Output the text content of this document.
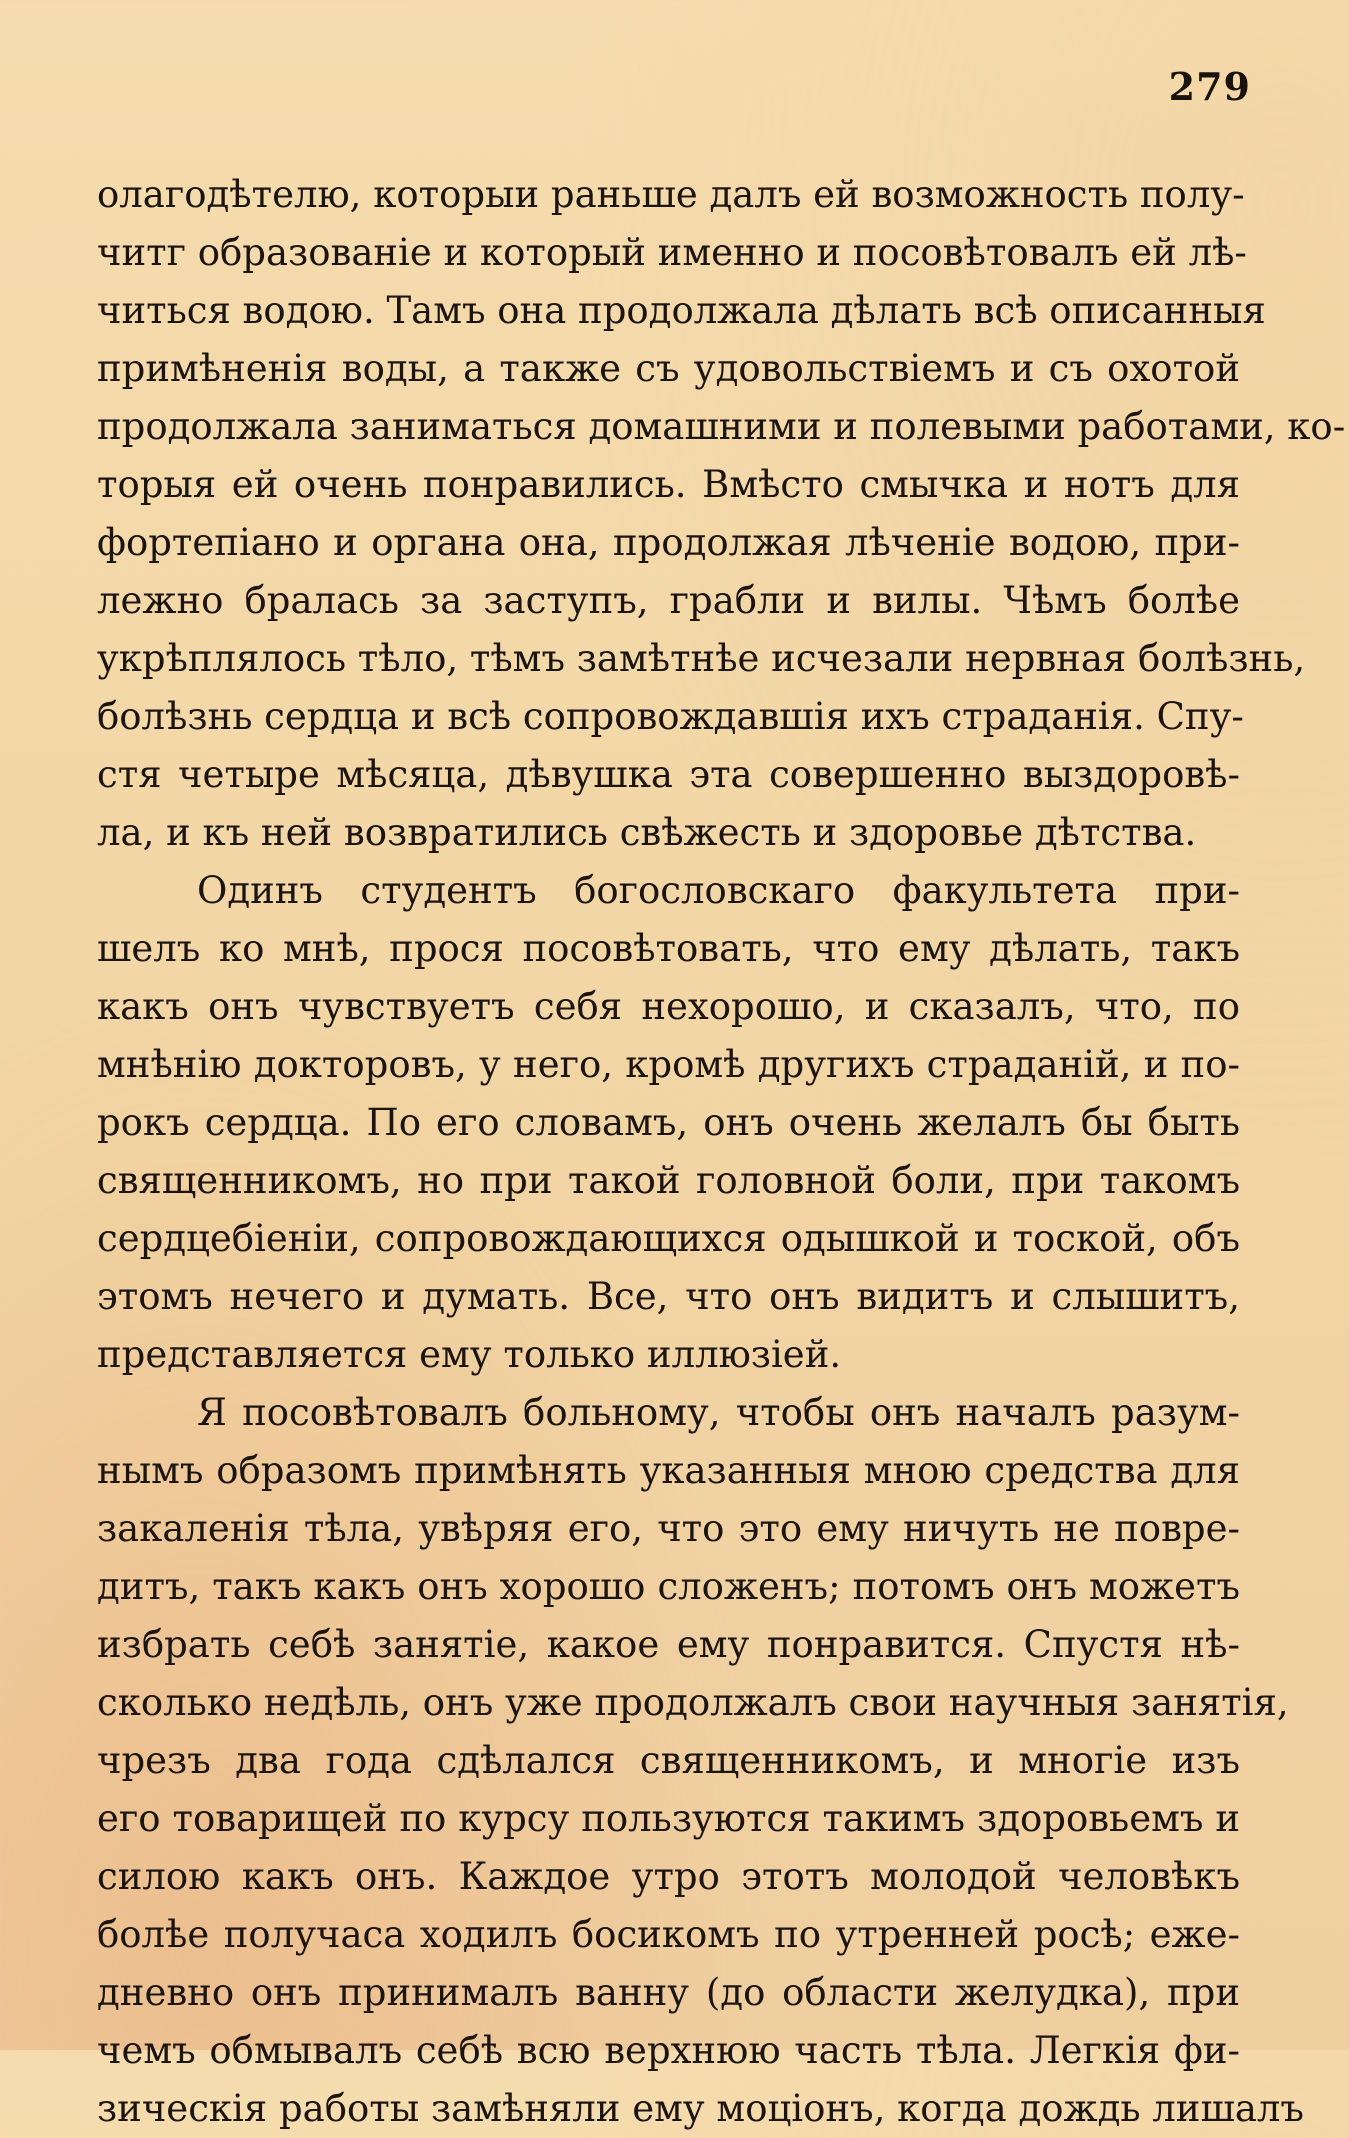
279
олагодѣтелю, которыи раньше далъ ей возможность полу-
читг образованіе и который именно и посовѣтовалъ ей лѣ-
читься водою. Тамъ она продолжала дѣлать всѣ описанныя
примѣненія воды, а также съ удовольствіемъ и съ охотой
продолжала заниматься домашними и полевыми работами, ко-
торыя ей очень понравились. Вмѣсто смычка и нотъ для
фортепіано и органа она, продолжая лѣченіе водою, при-
лежно бралась за заступъ, грабли и вилы. Чѣмъ болѣе
укрѣплялось тѣло, тѣмъ замѣтнѣе исчезали нервная болѣзнь,
болѣзнь сердца и всѣ сопровождавшія ихъ страданія. Спу-
стя четыре мѣсяца, дѣвушка эта совершенно выздоровѣ-
ла, и къ ней возвратились свѣжесть и здоровье дѣтства.
Одинъ студентъ богословскаго факультета при-
шелъ ко мнѣ, прося посовѣтовать, что ему дѣлать, такъ
какъ онъ чувствуетъ себя нехорошо, и сказалъ, что, по
мнѣнію докторовъ, у него, кромѣ другихъ страданій, и по-
рокъ сердца. По его словамъ, онъ очень желалъ бы быть
священникомъ, но при такой головной боли, при такомъ
сердцебіеніи, сопровождающихся одышкой и тоской, объ
этомъ нечего и думать. Все, что онъ видитъ и слышитъ,
представляется ему только иллюзіей.
Я посовѣтовалъ больному, чтобы онъ началъ разум-
нымъ образомъ примѣнять указанныя мною средства для
закаленія тѣла, увѣряя его, что это ему ничуть не повре-
дитъ, такъ какъ онъ хорошо сложенъ; потомъ онъ можетъ
избрать себѣ занятіе, какое ему понравится. Спустя нѣ-
сколько недѣль, онъ уже продолжалъ свои научныя занятія,
чрезъ два года сдѣлался священникомъ, и многіе изъ
его товарищей по курсу пользуются такимъ здоровьемъ и
силою какъ онъ. Каждое утро этотъ молодой человѣкъ
болѣе получаса ходилъ босикомъ по утренней росѣ; еже-
дневно онъ принималъ ванну (до области желудка), при
чемъ обмывалъ себѣ всю верхнюю часть тѣла. Легкія фи-
зическія работы замѣняли ему моціонъ, когда дождь лишалъ
